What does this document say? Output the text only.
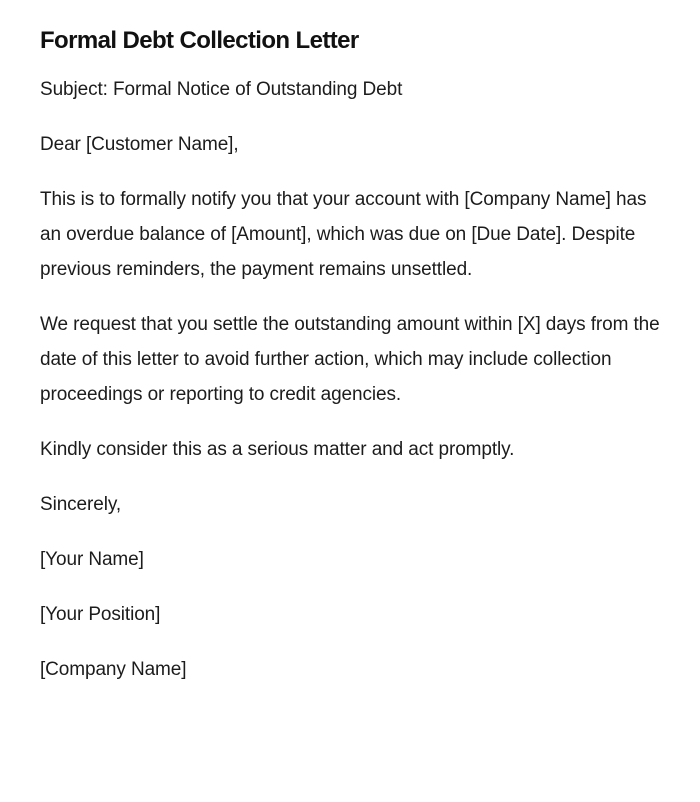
Formal Debt Collection Letter

Subject: Formal Notice of Outstanding Debt

Dear [Customer Name],

This is to formally notify you that your account with [Company Name] has an overdue balance of [Amount], which was due on [Due Date]. Despite previous reminders, the payment remains unsettled.

We request that you settle the outstanding amount within [X] days from the date of this letter to avoid further action, which may include collection proceedings or reporting to credit agencies.

Kindly consider this as a serious matter and act promptly.

Sincerely,

[Your Name]

[Your Position]

[Company Name]
